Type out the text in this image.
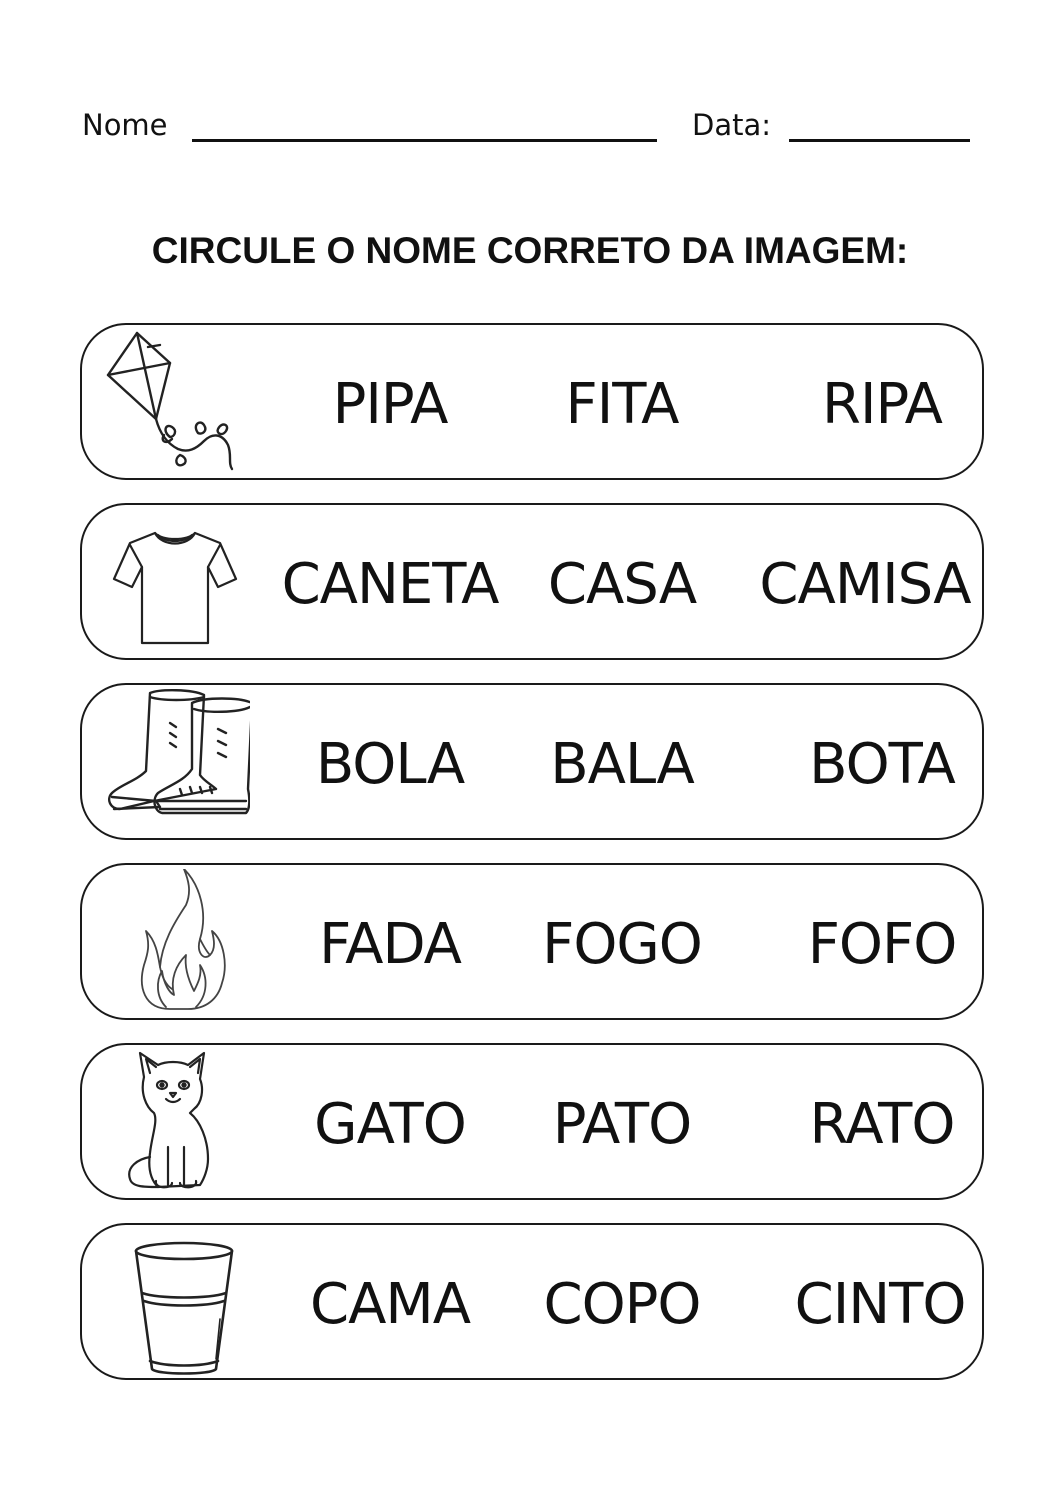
Nome	Data:
CIRCULE O NOME CORRETO DA IMAGEM:
PIPA FITA	RIPA
CANETA CASA CAMISA
BOLA BALA BOTA
FADA FOGO FOFO
GATO PATO RATO
CAMA COPO CINTO
